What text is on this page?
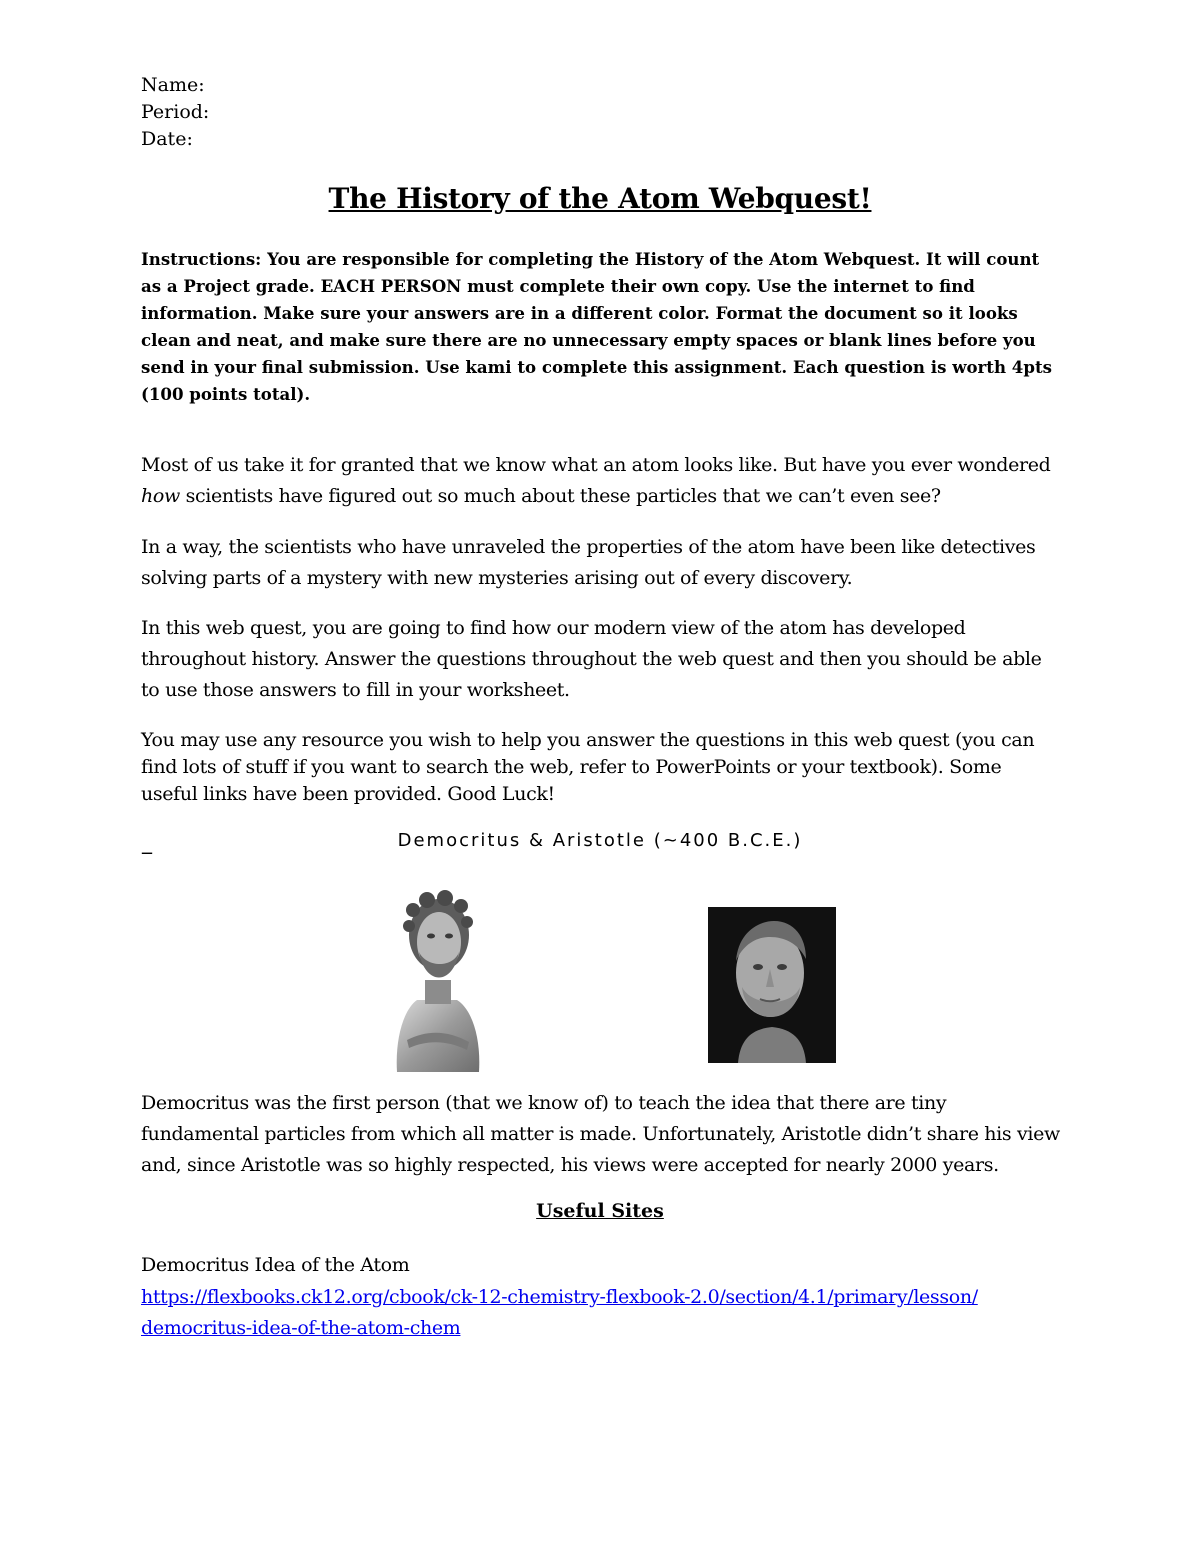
Name:
Period:
Date:
The History of the Atom Webquest!
Instructions: You are responsible for completing the History of the Atom Webquest. It will count as a Project grade. EACH PERSON must complete their own copy. Use the internet to find information. Make sure your answers are in a different color. Format the document so it looks clean and neat, and make sure there are no unnecessary empty spaces or blank lines before you send in your final submission. Use kami to complete this assignment. Each question is worth 4pts (100 points total).
Most of us take it for granted that we know what an atom looks like. But have you ever wondered how scientists have figured out so much about these particles that we can’t even see?
In a way, the scientists who have unraveled the properties of the atom have been like detectives solving parts of a mystery with new mysteries arising out of every discovery.
In this web quest, you are going to find how our modern view of the atom has developed throughout history. Answer the questions throughout the web quest and then you should be able to use those answers to fill in your worksheet.
You may use any resource you wish to help you answer the questions in this web quest (you can find lots of stuff if you want to search the web, refer to PowerPoints or your textbook). Some useful links have been provided. Good Luck!
_	Democritus & Aristotle (~400 B.C.E.)
Democritus was the first person (that we know of) to teach the idea that there are tiny fundamental particles from which all matter is made. Unfortunately, Aristotle didn’t share his view and, since Aristotle was so highly respected, his views were accepted for nearly 2000 years.
Useful Sites
Democritus Idea of the Atom
https://flexbooks.ck12.org/cbook/ck-12-chemistry-flexbook-2.0/section/4.1/primary/lesson/
democritus-idea-of-the-atom-chem
